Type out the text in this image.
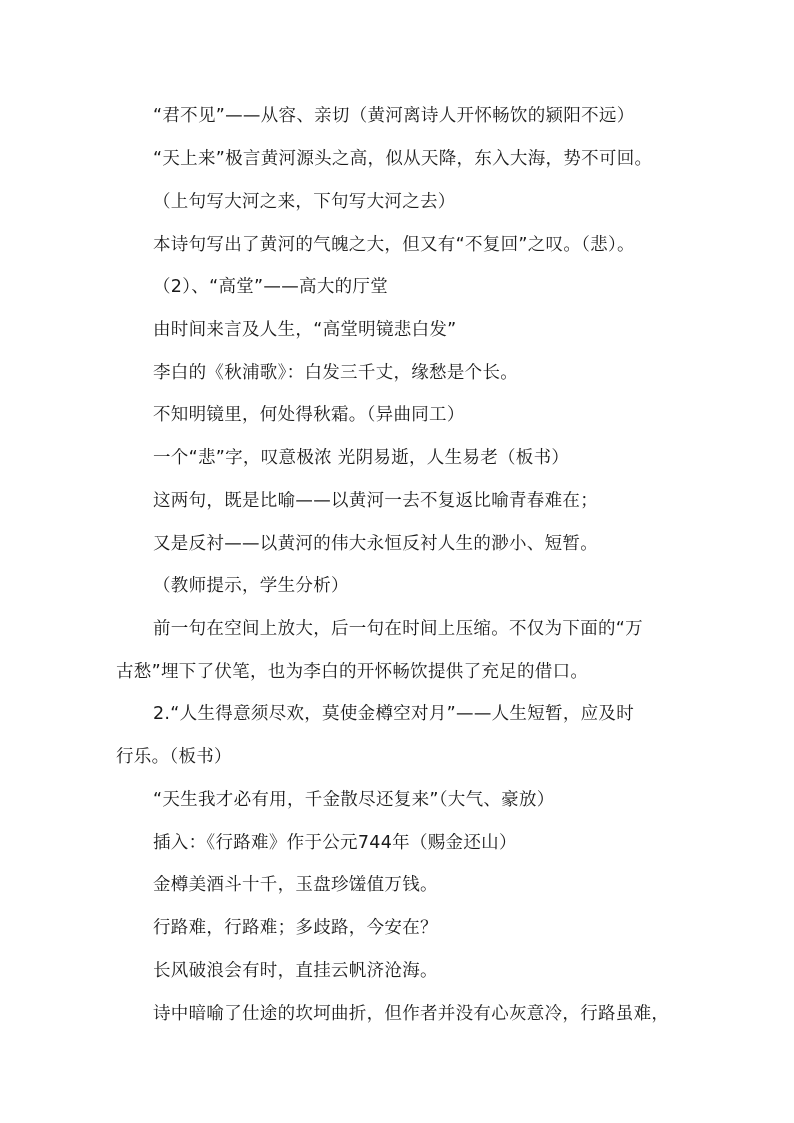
“君不见”——从容、亲切（黄河离诗人开怀畅饮的颍阳不远）
“天上来”极言黄河源头之高，似从天降，东入大海，势不可回。
（上句写大河之来，下句写大河之去）
本诗句写出了黄河的气魄之大，但又有“不复回”之叹。（悲）。
（2）、“高堂”——高大的厅堂
由时间来言及人生，“高堂明镜悲白发”
李白的《秋浦歌》：白发三千丈，缘愁是个长。
不知明镜里，何处得秋霜。（异曲同工）
一个“悲”字，叹意极浓 光阴易逝，人生易老（板书）
这两句，既是比喻——以黄河一去不复返比喻青春难在；
又是反衬——以黄河的伟大永恒反衬人生的渺小、短暂。
（教师提示，学生分析）
前一句在空间上放大，后一句在时间上压缩。不仅为下面的“万
古愁”埋下了伏笔，也为李白的开怀畅饮提供了充足的借口。
2.“人生得意须尽欢，莫使金樽空对月”——人生短暂，应及时
行乐。（板书）
“天生我才必有用，千金散尽还复来”（大气、豪放）
插入：《行路难》作于公元744年（赐金还山）
金樽美酒斗十千，玉盘珍馐值万钱。
行路难，行路难；多歧路，今安在？
长风破浪会有时，直挂云帆济沧海。
诗中暗喻了仕途的坎坷曲折，但作者并没有心灰意冷，行路虽难，
